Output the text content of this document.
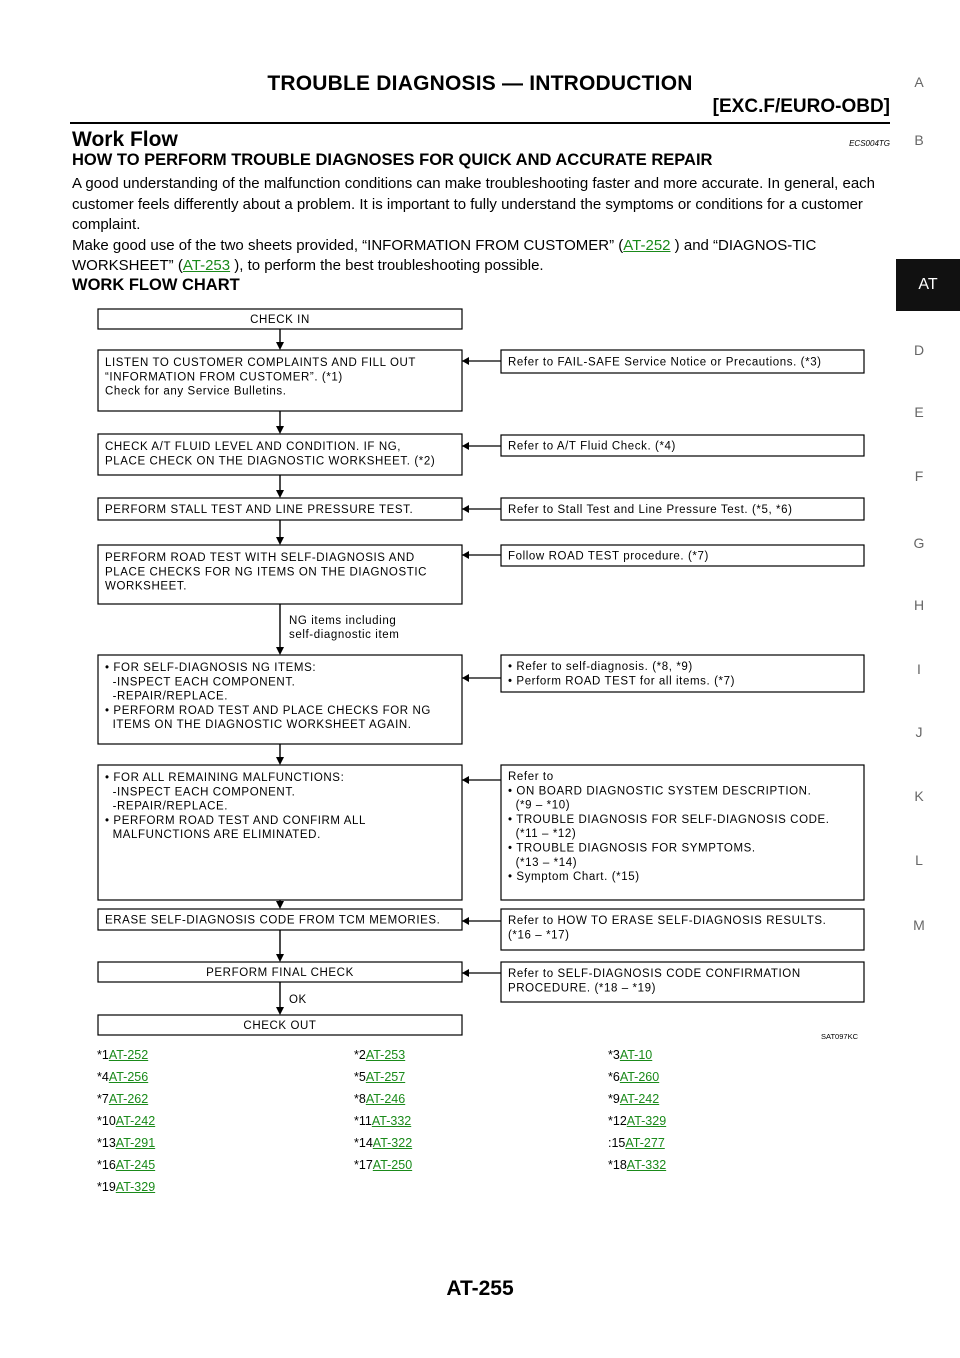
TROUBLE DIAGNOSIS — INTRODUCTION
[EXC.F/EURO-OBD]
Work Flow	ECS004TG
HOW TO PERFORM TROUBLE DIAGNOSES FOR QUICK AND ACCURATE REPAIR

A good understanding of the malfunction conditions can make troubleshooting faster and more accurate. In general, each customer feels differently about a problem. It is important to fully understand the symptoms or conditions for a customer complaint.

Make good use of the two sheets provided, “INFORMATION FROM CUSTOMER” (AT-252 ) and “DIAGNOS-TIC WORKSHEET” (AT-253 ), to perform the best troubleshooting possible.

WORK FLOW CHART
CHECK IN
LISTEN TO CUSTOMER COMPLAINTS AND FILL OUT
“INFORMATION FROM CUSTOMER”. (*1)
Check for any Service Bulletins.
CHECK A/T FLUID LEVEL AND CONDITION. IF NG,
PLACE CHECK ON THE DIAGNOSTIC WORKSHEET. (*2)
PERFORM STALL TEST AND LINE PRESSURE TEST.
PERFORM ROAD TEST WITH SELF-DIAGNOSIS AND
PLACE CHECKS FOR NG ITEMS ON THE DIAGNOSTIC
WORKSHEET.
• FOR SELF-DIAGNOSIS NG ITEMS:
-INSPECT EACH COMPONENT.
-REPAIR/REPLACE.
• PERFORM ROAD TEST AND PLACE CHECKS FOR NG
ITEMS ON THE DIAGNOSTIC WORKSHEET AGAIN.
• FOR ALL REMAINING MALFUNCTIONS:
-INSPECT EACH COMPONENT.
-REPAIR/REPLACE.
• PERFORM ROAD TEST AND CONFIRM ALL
MALFUNCTIONS ARE ELIMINATED.
ERASE SELF-DIAGNOSIS CODE FROM TCM MEMORIES.
PERFORM FINAL CHECK
CHECK OUT
Refer to FAIL-SAFE Service Notice or Precautions. (*3)
Refer to A/T Fluid Check. (*4)
Refer to Stall Test and Line Pressure Test. (*5, *6)
Follow ROAD TEST procedure. (*7)
• Refer to self-diagnosis. (*8, *9)
• Perform ROAD TEST for all items. (*7)
Refer to
• ON BOARD DIAGNOSTIC SYSTEM DESCRIPTION.
(*9 – *10)
• TROUBLE DIAGNOSIS FOR SELF-DIAGNOSIS CODE.
(*11 – *12)
• TROUBLE DIAGNOSIS FOR SYMPTOMS.
(*13 – *14)
• Symptom Chart. (*15)
Refer to HOW TO ERASE SELF-DIAGNOSIS RESULTS.
(*16 – *17)
Refer to SELF-DIAGNOSIS CODE CONFIRMATION
PROCEDURE. (*18 – *19)
NG items including
self-diagnostic item
OK
SAT097KC
*1AT-252	*2AT-253	*3AT-10
*4AT-256	*5AT-257	*6AT-260
*7AT-262	*8AT-246	*9AT-242
*10AT-242	*11AT-332	*12AT-329
*13AT-291	*14AT-322	:15AT-277
*16AT-245	*17AT-250	*18AT-332
*19AT-329
A
B
AT
D
E
F
G
H
I
J
K
L
M
AT-255
